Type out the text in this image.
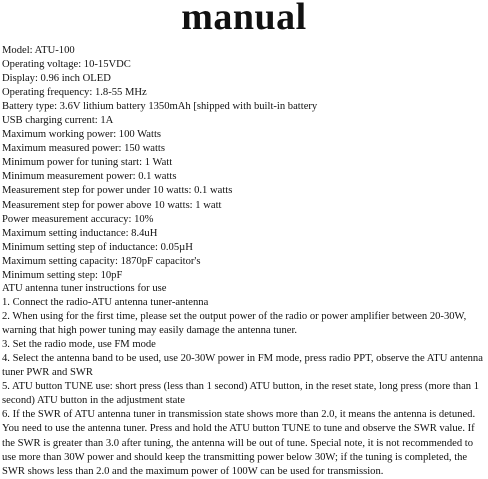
manual
Model: ATU-100
Operating voltage: 10-15VDC
Display: 0.96 inch OLED
Operating frequency: 1.8-55 MHz
Battery type: 3.6V lithium battery 1350mAh [shipped with built-in battery
USB charging current: 1A
Maximum working power: 100 Watts
Maximum measured power: 150 watts
Minimum power for tuning start: 1 Watt
Minimum measurement power: 0.1 watts
Measurement step for power under 10 watts: 0.1 watts
Measurement step for power above 10 watts: 1 watt
Power measurement accuracy: 10%
Maximum setting inductance: 8.4uH
Minimum setting step of inductance: 0.05µH
Maximum setting capacity: 1870pF capacitor's
Minimum setting step: 10pF
ATU antenna tuner instructions for use
1. Connect the radio-ATU antenna tuner-antenna
2. When using for the first time, please set the output power of the radio or power amplifier between 20-30W, warning that high power tuning may easily damage the antenna tuner.
3. Set the radio mode, use FM mode
4. Select the antenna band to be used, use 20-30W power in FM mode, press radio PPT, observe the ATU antenna tuner PWR and SWR
5. ATU button TUNE use: short press (less than 1 second) ATU button, in the reset state, long press (more than 1 second) ATU button in the adjustment state
6. If the SWR of ATU antenna tuner in transmission state shows more than 2.0, it means the antenna is detuned. You need to use the antenna tuner. Press and hold the ATU button TUNE to tune and observe the SWR value. If the SWR is greater than 3.0 after tuning, the antenna will be out of tune. Special note, it is not recommended to use more than 30W power and should keep the transmitting power below 30W; if the tuning is completed, the SWR shows less than 2.0 and the maximum power of 100W can be used for transmission.
